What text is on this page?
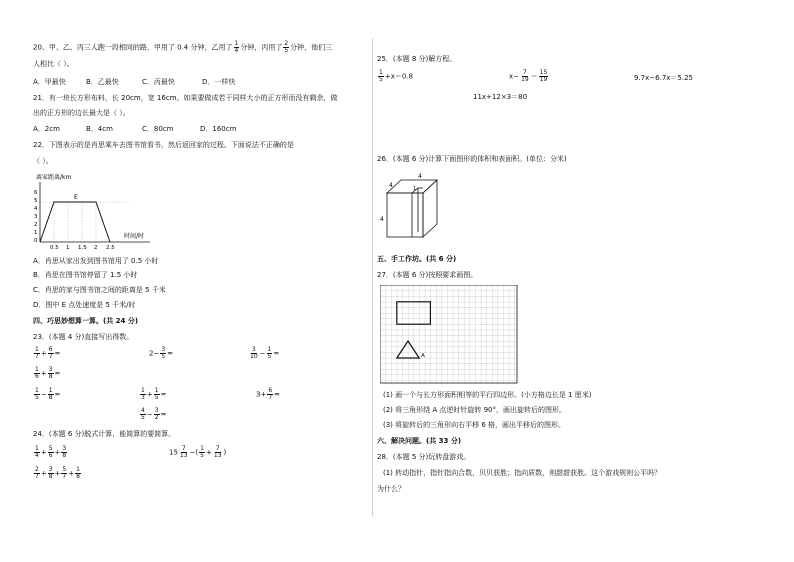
20、甲、乙、丙三人跑一段相同的路，甲用了 0.4 分钟，乙用了 $\frac{1}{4}$ 分钟，丙用了 $\frac{2}{5}$ 分钟，他们三
人相比（ ）。
A．甲最快	B．乙最快	C．丙最快	D．一样快
21．有一块长方形布料，长 20cm，宽 16cm。如果要做成若干同样大小的正方形而没有剩余，做
出的正方形的边长最大是（ ）。
A．2cm	B．4cm	C．80cm	D．160cm
22．下图表示的是肖思乘车去图书馆看书，然后返回家的过程。下面说法不正确的是
（ ）。
离家距离/km
6
5
4
3
2
1
0
E
0.5 1 1.5 2 2.5
时间/时
A．肖思从家出发到图书馆用了 0.5 小时
B．肖思在图书馆停留了 1.5 小时
C．肖思的家与图书馆之间的距离是 5 千米
D．图中 E 点处速度是 5 千米/时
四、巧思妙想算一算。(共 24 分)
23．(本题 4 分)直接写出得数。
$\frac{1}{7} + \frac{6}{7}$ =	$2- \frac{3}{5}$ =	$\frac{3}{10} - \frac{1}{5}$ =
$\frac{1}{6} + \frac{3}{8}$ =
$\frac{1}{5} - \frac{1}{8}$ =	$\frac{1}{3} + \frac{1}{5}$ =	$3+ \frac{6}{7}$ =
$\frac{4}{5} - \frac{3}{2}$ =
24．(本题 6 分)脱式计算，能简算的要简算。
$\frac{1}{4} + \frac{5}{6} + \frac{3}{8}$	$15 \frac{7}{13}$ −( $\frac{1}{5} + \frac{7}{13}$ )
$\frac{2}{7} + \frac{3}{8} + \frac{5}{7} + \frac{1}{8}$
25．(本题 8 分)解方程。
$\frac{1}{5} +x=0.8$	$x- \frac{7}{19} = \frac{15}{19}$	9.7x−6.7x＝5.25
11x+12×3＝80
26．(本题 6 分)计算下面图形的体积和表面积。(单位：分米)
4
4	1
4
五、手工作坊。(共 6 分)
27．(本题 6 分)按照要求画图。
A
(1) 画一个与长方形面积相等的平行四边形。(小方格边长是 1 厘米)
(2) 将三角形绕 A 点逆时针旋转 90°，画出旋转后的图形。
(3) 将旋转后的三角形向右平移 6 格，画出平移后的图形。
六、解决问题。(共 33 分)
28．(本题 5 分)玩转盘游戏。
(1) 转动指针，指针指向合数，贝贝获胜；指向质数，则甜甜获胜。这个游戏规则公平吗？
为什么？
